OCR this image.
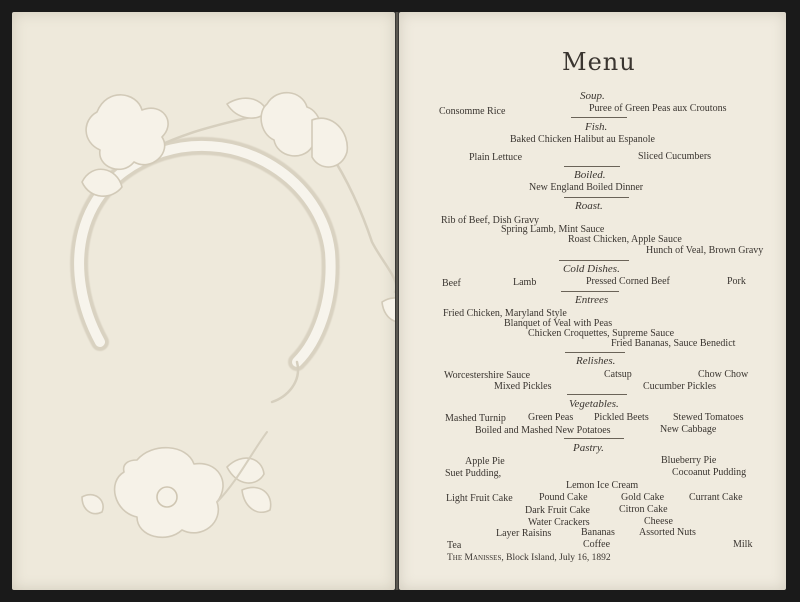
Menu
Soup.
Consomme Rice	Puree of Green Peas aux Croutons
Fish.
Baked Chicken Halibut au Espanole
Plain Lettuce	Sliced Cucumbers
Boiled.
New England Boiled Dinner
Roast.
Rib of Beef, Dish Gravy
Spring Lamb, Mint Sauce
Roast Chicken, Apple Sauce
Hunch of Veal, Brown Gravy
Cold Dishes.
Beef	Lamb	Pressed Corned Beef	Pork
Entrees
Fried Chicken, Maryland Style
Blanquet of Veal with Peas
Chicken Croquettes, Supreme Sauce
Fried Bananas, Sauce Benedict
Relishes.
Worcestershire Sauce	Catsup	Chow Chow
Mixed Pickles	Cucumber Pickles
Vegetables.
Mashed Turnip Green Peas Pickled Beets Stewed Tomatoes
Boiled and Mashed New Potatoes	New Cabbage
Pastry.
Apple Pie	Blueberry Pie
Suet Pudding,	Cocoanut Pudding
Lemon Ice Cream
Light Fruit Cake	Pound Cake	Gold Cake Currant Cake
Dark Fruit Cake	Citron Cake
Water Crackers	Cheese
Layer Raisins	Bananas Assorted Nuts
Tea	Coffee	Milk
The Manisses, Block Island, July 16, 1892
